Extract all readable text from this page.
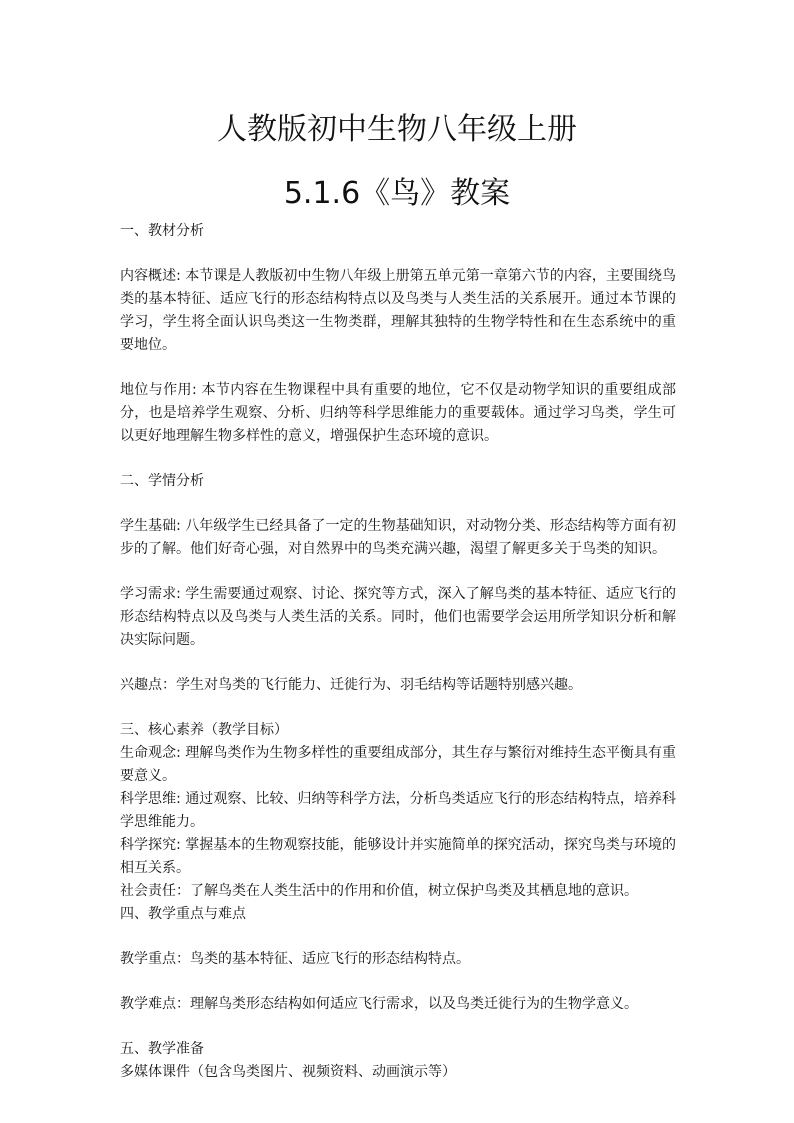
人教版初中生物八年级上册
5.1.6《鸟》教案

一、教材分析

内容概述: 本节课是人教版初中生物八年级上册第五单元第一章第六节的内容，主要围绕鸟类的基本特征、适应飞行的形态结构特点以及鸟类与人类生活的关系展开。通过本节课的学习，学生将全面认识鸟类这一生物类群，理解其独特的生物学特性和在生态系统中的重要地位。

地位与作用: 本节内容在生物课程中具有重要的地位，它不仅是动物学知识的重要组成部分，也是培养学生观察、分析、归纳等科学思维能力的重要载体。通过学习鸟类，学生可以更好地理解生物多样性的意义，增强保护生态环境的意识。

二、学情分析

学生基础: 八年级学生已经具备了一定的生物基础知识，对动物分类、形态结构等方面有初步的了解。他们好奇心强，对自然界中的鸟类充满兴趣，渴望了解更多关于鸟类的知识。

学习需求: 学生需要通过观察、讨论、探究等方式，深入了解鸟类的基本特征、适应飞行的形态结构特点以及鸟类与人类生活的关系。同时，他们也需要学会运用所学知识分析和解决实际问题。

兴趣点：学生对鸟类的飞行能力、迁徙行为、羽毛结构等话题特别感兴趣。

三、核心素养（教学目标）

生命观念: 理解鸟类作为生物多样性的重要组成部分，其生存与繁衍对维持生态平衡具有重要意义。

科学思维: 通过观察、比较、归纳等科学方法，分析鸟类适应飞行的形态结构特点，培养科学思维能力。

科学探究: 掌握基本的生物观察技能，能够设计并实施简单的探究活动，探究鸟类与环境的相互关系。

社会责任：了解鸟类在人类生活中的作用和价值，树立保护鸟类及其栖息地的意识。

四、教学重点与难点

教学重点：鸟类的基本特征、适应飞行的形态结构特点。

教学难点：理解鸟类形态结构如何适应飞行需求，以及鸟类迁徙行为的生物学意义。

五、教学准备

多媒体课件（包含鸟类图片、视频资料、动画演示等）
